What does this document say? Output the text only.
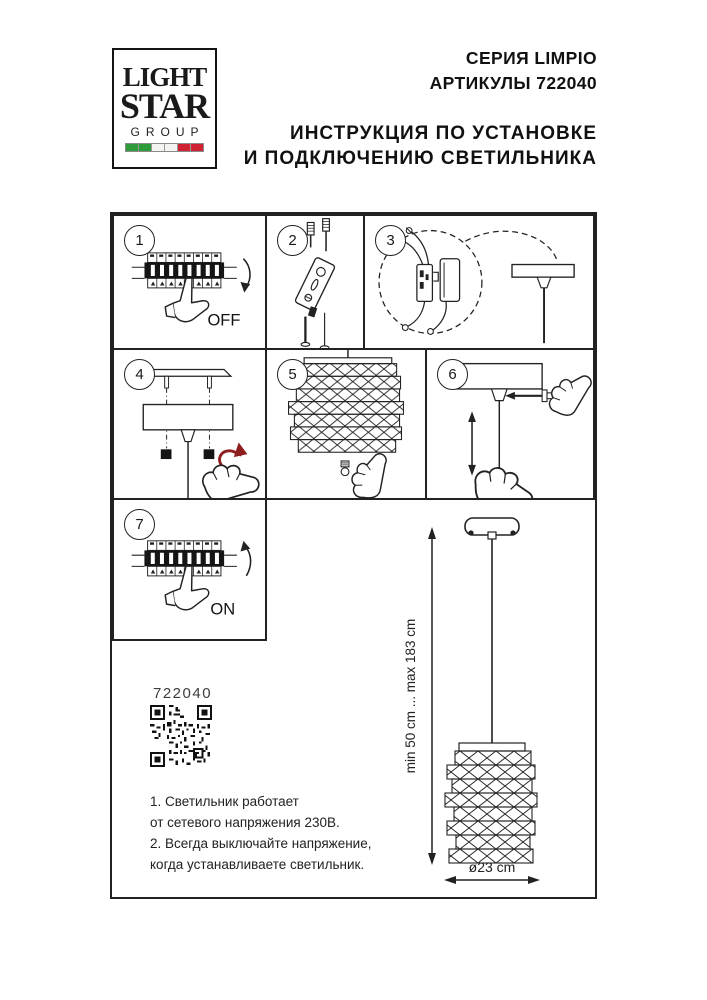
LIGHT
STAR
GROUP
СЕРИЯ LIMPIO
АРТИКУЛЫ 722040
ИНСТРУКЦИЯ ПО УСТАНОВКЕ
И ПОДКЛЮЧЕНИЮ СВЕТИЛЬНИКА
1
OFF
2	3
4	5	6
7
ON
722040
1. Светильник работает
от сетевого напряжения 230В.
2. Всегда выключайте напряжение,
когда устанавливаете светильник.
min 50 cm ... max 183 cm
ø23 cm
